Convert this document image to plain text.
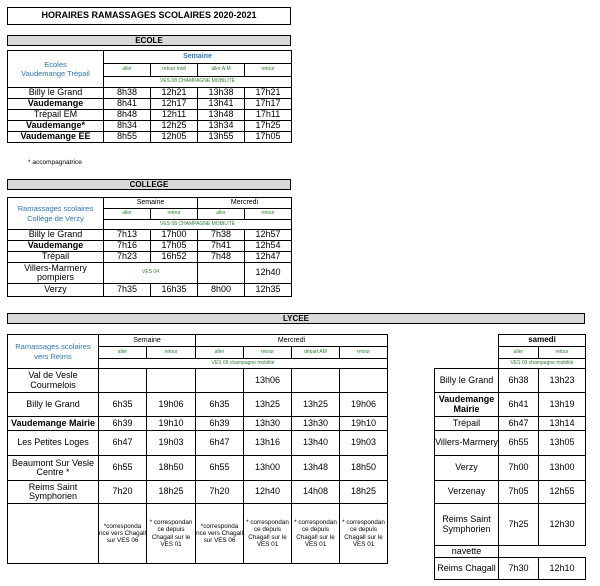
HORAIRES RAMASSAGES SCOLAIRES 2020-2021
ECOLE
Ecoles
Vaudemange Trépail	Semaine			
	aller	retour midi	aller A.M	retour
	VES 08 CHAMPAGNE MOBILITE			
Billy le Grand	8h38	12h21	13h38	17h21
Vaudemange	8h41	12h17	13h41	17h17
Trépail EM	8h48	12h11	13h48	17h11
Vaudemange*	8h34	12h25	13h34	17h25
Vaudemange EE	8h55	12h05	13h55	17h05
* accompagnatrice
COLLEGE
Ramassages scolaires
Collège de Verzy	Semaine		Mercredi	
	aller	retour	aller	retour
	VES 08 CHAMPAGNE MOBILITE			
Billy le Grand	7h13	17h00	7h38	12h57
Vaudemange	7h16	17h05	7h41	12h54
Trépail	7h23	16h52	7h48	12h47

Villers-Marmery
pompiers	VES 04			12h40
Verzy	7h35	16h35	8h00	12h35
LYCEE
Ramassages scolaires
vers Reims	Semaine		Mercredi			
	aller	retour	aller	retour	départ AM	retour
	VES 09 champagne mobilité					
Val de Vesle Courmelois				13h06		
Billy le Grand	6h35	19h06	6h35	13h25	13h25	19h06
Vaudemange Mairie	6h39	19h10	6h39	13h30	13h30	19h10
Les Petites Loges	6h47	19h03	6h47	13h16	13h40	19h03
Beaumont Sur Vesle Centre *	6h55	18h50	6h55	13h00	13h48	18h50
Reims Saint Symphorien	7h20	18h25	7h20	12h40	14h08	18h25
	*corresponda nce vers Chagall sur VES 06	* correspondan ce depuis Chagall sur le VES 01	*corresponda nce vers Chagall sur VES 06	* correspondan ce depuis Chagall sur le VES 01	* correspondan ce depuis Chagall sur le VES 01	* correspondan ce depuis Chagall sur le VES 01
	samedi	
	aller	retour
	VES 09 champagne mobilité	
Billy le Grand	6h38	13h23
Vaudemange Mairie	6h41	13h19
Trépail	6h47	13h14
Villers-Marmery	6h55	13h05
Verzy	7h00	13h00
Verzenay	7h05	12h55
Reims Saint Symphorien	7h25	12h30
navette		
Reims Chagall	7h30	12h10
